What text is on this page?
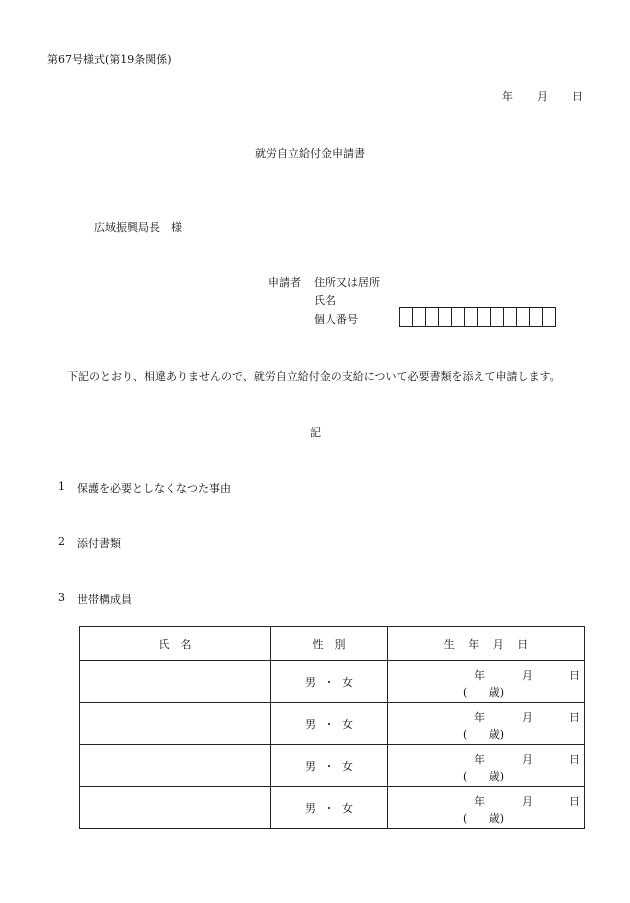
第67号様式(第19条関係)
年 月 日
就労自立給付金申請書
広域振興局長　様
申請者 住所又は居所
氏名
個人番号
下記のとおり、相違ありませんので、就労自立給付金の支給について必要書類を添えて申請します。
記
1 保護を必要としなくなつた事由
2 添付書類
3 世帯構成員
氏　名	性　別	生 年 月 日
	男 ・ 女	年 月 日
( 歳)

	男 ・ 女	年 月 日
( 歳)

	男 ・ 女	年 月 日
( 歳)

	男 ・ 女	年 月 日
( 歳)
